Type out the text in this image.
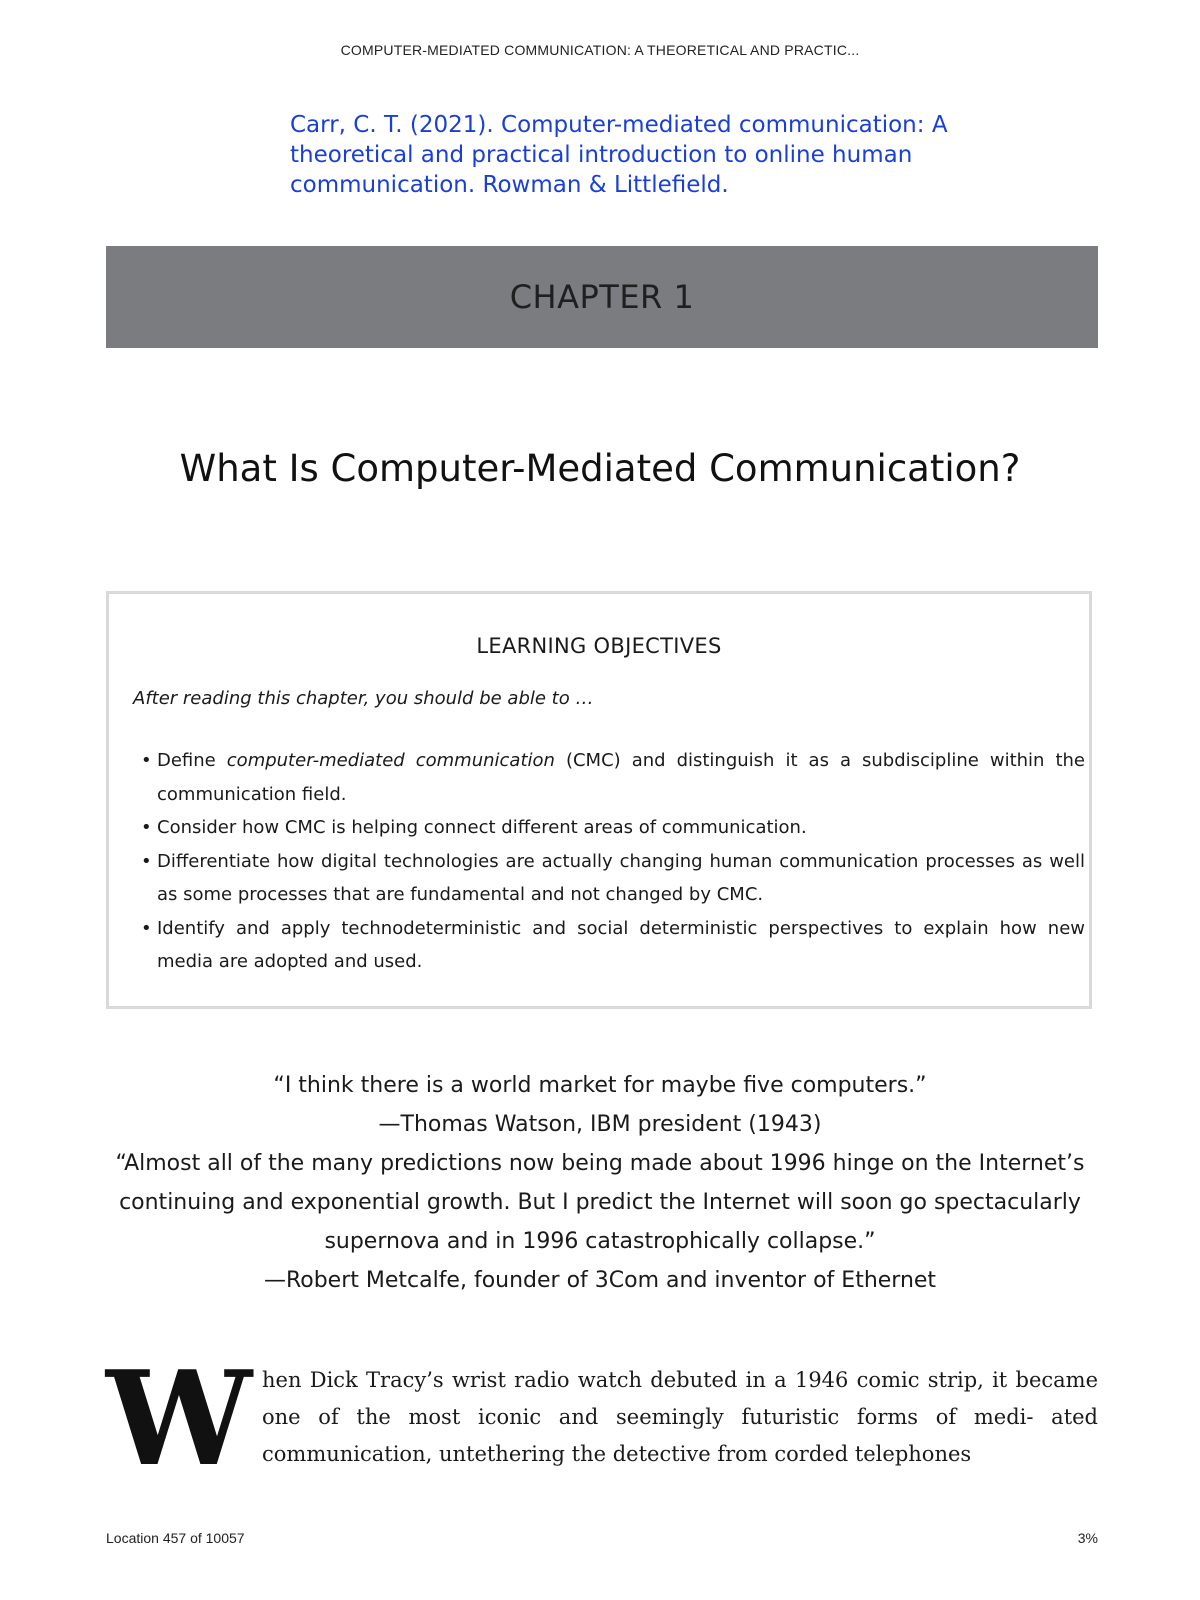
COMPUTER-MEDIATED COMMUNICATION: A THEORETICAL AND PRACTIC...
Carr, C. T. (2021). Computer-mediated communication: A theoretical and practical introduction to online human communication. Rowman & Littlefield.
CHAPTER 1
What Is Computer-Mediated Communication?
LEARNING OBJECTIVES
After reading this chapter, you should be able to …
• Define computer-mediated communication (CMC) and distinguish it as a subdiscipline within the communication field.
• Consider how CMC is helping connect different areas of communication.
• Differentiate how digital technologies are actually changing human communication processes as well as some processes that are fundamental and not changed by CMC.
• Identify and apply technodeterministic and social deterministic perspectives to explain how new media are adopted and used.
“I think there is a world market for maybe five computers.”
—Thomas Watson, IBM president (1943)
“Almost all of the many predictions now being made about 1996 hinge on the Internet’s continuing and exponential growth. But I predict the Internet will soon go spectacularly supernova and in 1996 catastrophically collapse.”
—Robert Metcalfe, founder of 3Com and inventor of Ethernet
W hen Dick Tracy’s wrist radio watch debuted in a 1946 comic strip, it became one of the most iconic and seemingly futuristic forms of medi- ated communication, untethering the detective from corded telephones
Location 457 of 10057	3%
